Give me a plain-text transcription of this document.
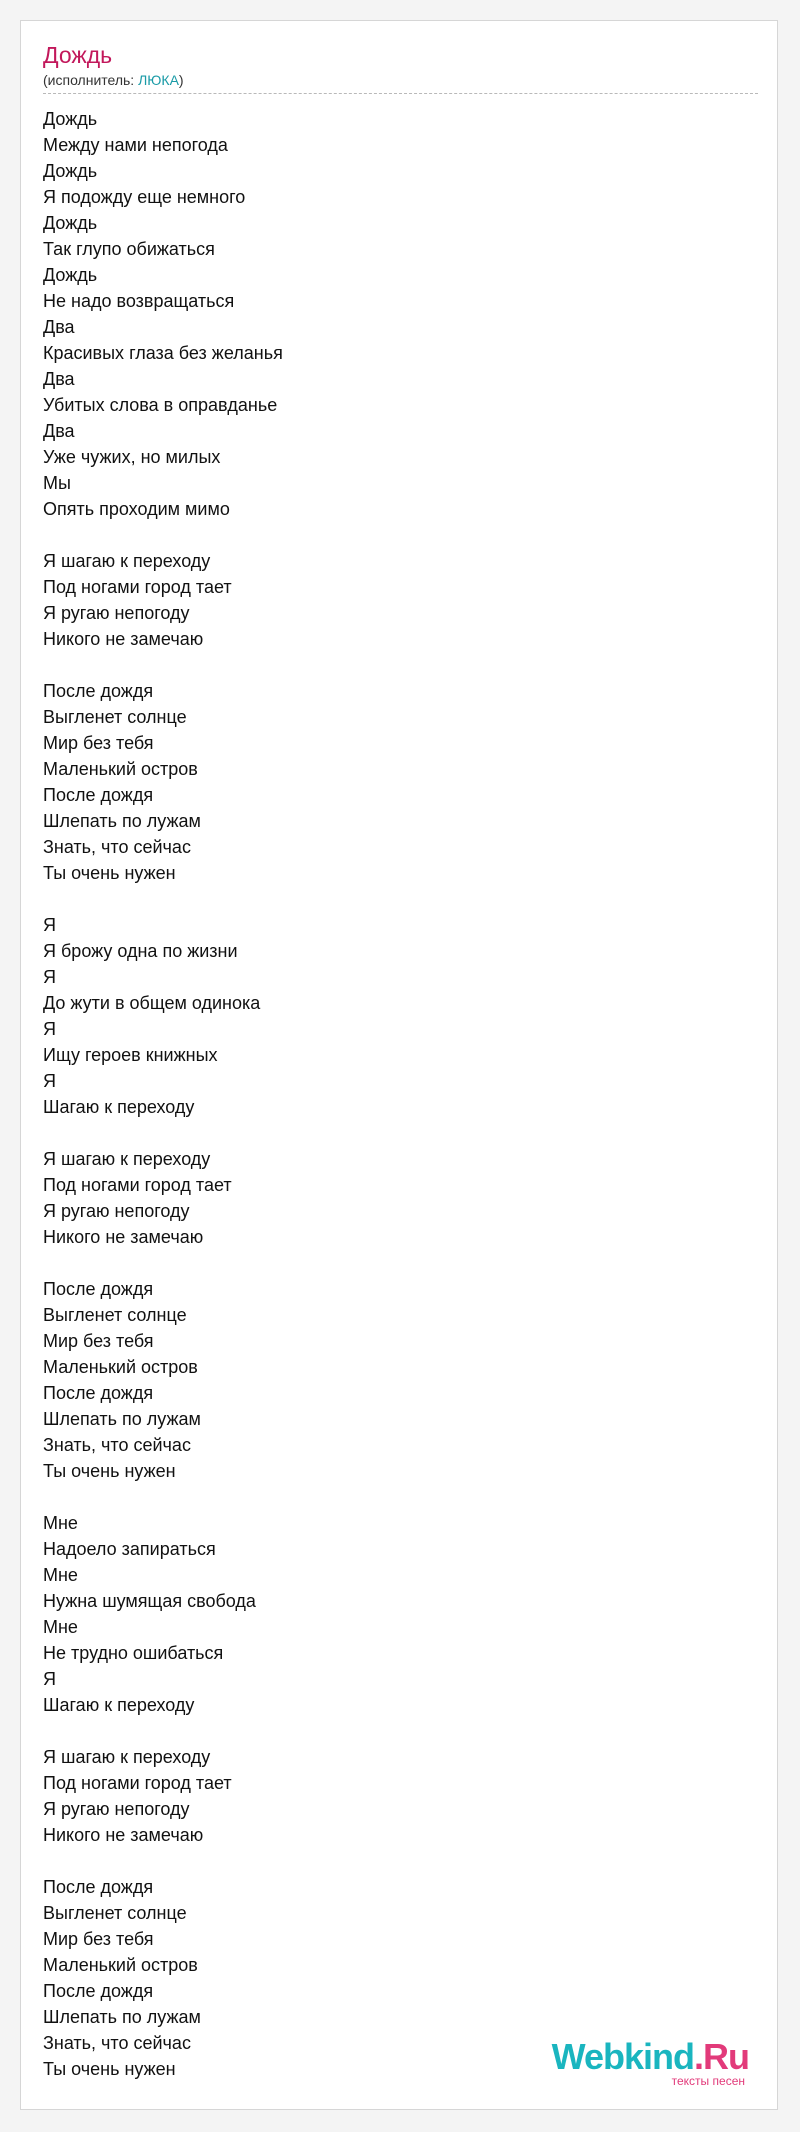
Дождь
(исполнитель: ЛЮКА)
Дождь
Между нами непогода
Дождь
Я подожду еще немного
Дождь
Так глупо обижаться
Дождь
Не надо возвращаться
Два
Красивых глаза без желанья
Два
Убитых слова в оправданье
Два
Уже чужих, но милых
Мы
Опять проходим мимо
Я шагаю к переходу
Под ногами город тает
Я ругаю непогоду
Никого не замечаю
После дождя
Выгленет солнце
Мир без тебя
Маленький остров
После дождя
Шлепать по лужам
Знать, что сейчас
Ты очень нужен
Я
Я брожу одна по жизни
Я
До жути в общем одинока
Я
Ищу героев книжных
Я
Шагаю к переходу
Я шагаю к переходу
Под ногами город тает
Я ругаю непогоду
Никого не замечаю
После дождя
Выгленет солнце
Мир без тебя
Маленький остров
После дождя
Шлепать по лужам
Знать, что сейчас
Ты очень нужен
Мне
Надоело запираться
Мне
Нужна шумящая свобода
Мне
Не трудно ошибаться
Я
Шагаю к переходу
Я шагаю к переходу
Под ногами город тает
Я ругаю непогоду
Никого не замечаю
После дождя
Выгленет солнце
Мир без тебя
Маленький остров
После дождя
Шлепать по лужам
Знать, что сейчас
Ты очень нужен	Webkind.Ru
тексты песен
